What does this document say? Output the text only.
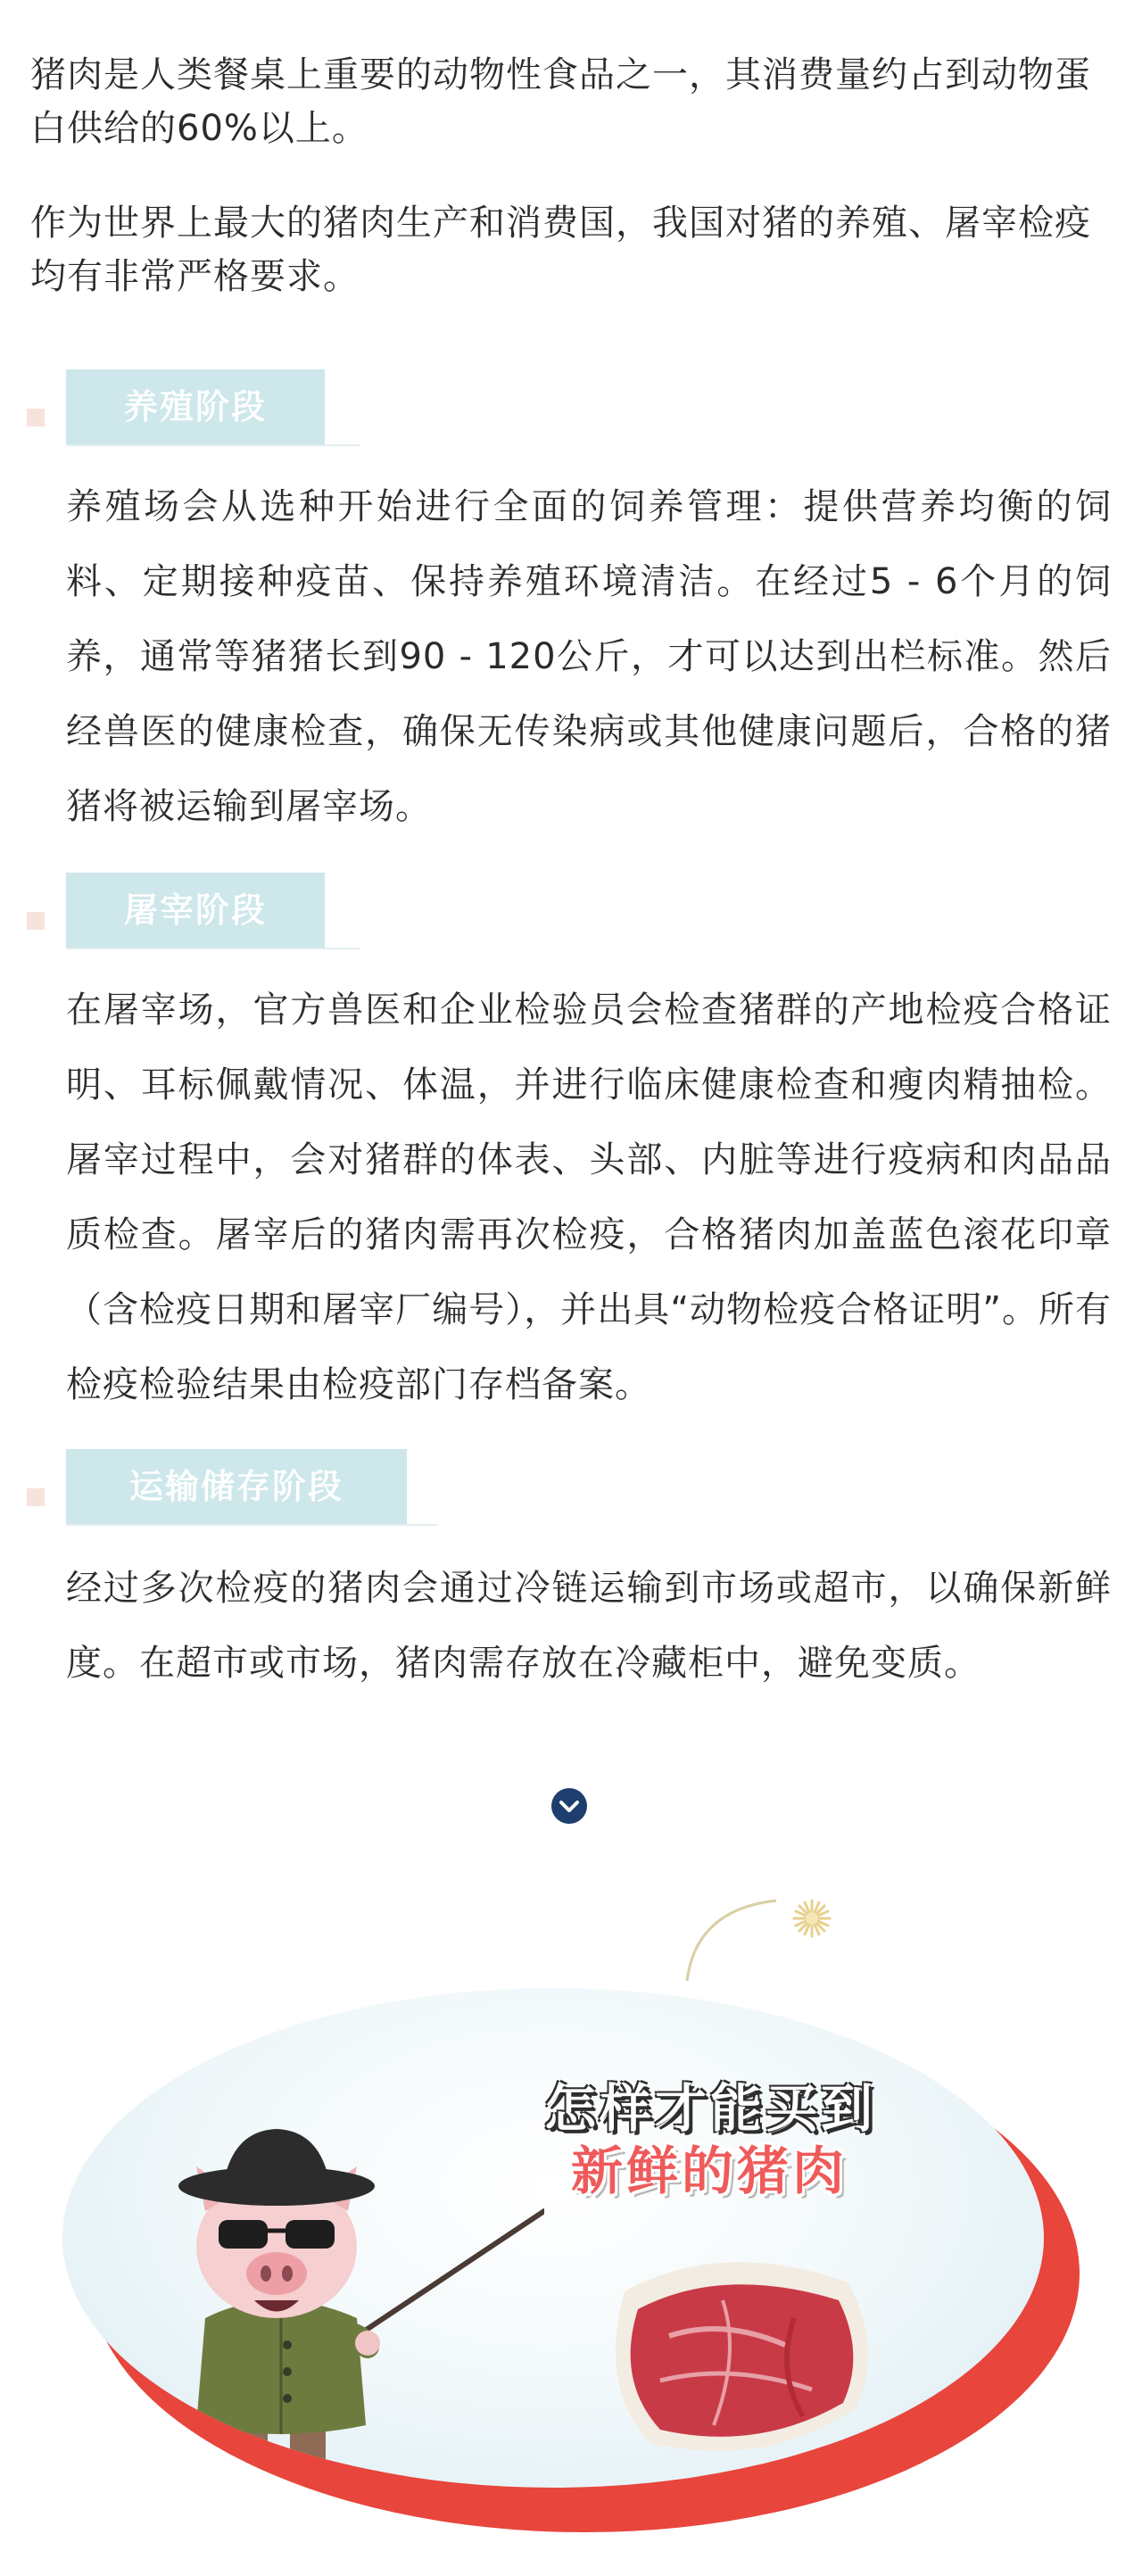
猪肉是人类餐桌上重要的动物性食品之一，其消费量约占到动物蛋白供给的60%以上。

作为世界上最大的猪肉生产和消费国，我国对猪的养殖、屠宰检疫均有非常严格要求。

养殖阶段

养殖场会从选种开始进行全面的饲养管理：提供营养均衡的饲料、定期接种疫苗、保持养殖环境清洁。在经过5 - 6个月的饲养，通常等猪猪长到90 - 120公斤，才可以达到出栏标准。然后经兽医的健康检查，确保无传染病或其他健康问题后，合格的猪猪将被运输到屠宰场。

屠宰阶段

在屠宰场，官方兽医和企业检验员会检查猪群的产地检疫合格证明、耳标佩戴情况、体温，并进行临床健康检查和瘦肉精抽检。屠宰过程中，会对猪群的体表、头部、内脏等进行疫病和肉品品质检查。屠宰后的猪肉需再次检疫，合格猪肉加盖蓝色滚花印章（含检疫日期和屠宰厂编号），并出具“动物检疫合格证明”。所有检疫检验结果由检疫部门存档备案。

运输储存阶段

经过多次检疫的猪肉会通过冷链运输到市场或超市，以确保新鲜度。在超市或市场，猪肉需存放在冷藏柜中，避免变质。

怎样才能买到
新鲜的猪肉
